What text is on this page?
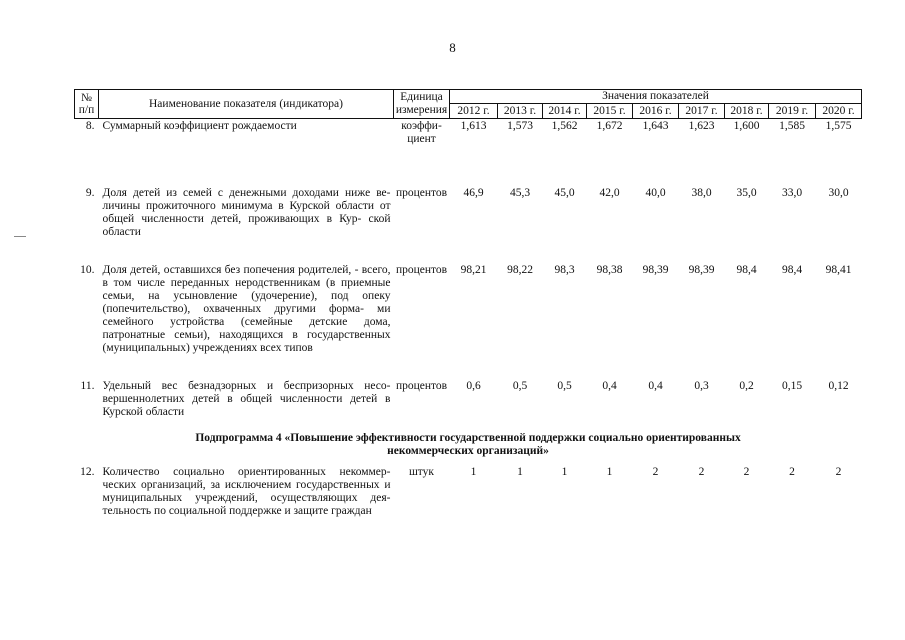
8
№ п/п	Наименование показателя (индикатора)	Единица измерения	Значения показателей								
			2012 г.	2013 г.	2014 г.	2015 г.	2016 г.	2017 г.	2018 г.	2019 г.	2020 г.
8.	Суммарный коэффициент рождаемости	коэффи- циент	1,613	1,573	1,562	1,672	1,643	1,623	1,600	1,585	1,575
9.	Доля детей из семей с денежными доходами ниже ве- личины прожиточного минимума в Курской области от общей численности детей, проживающих в Кур- ской области	процентов	46,9	45,3	45,0	42,0	40,0	38,0	35,0	33,0	30,0
10.	Доля детей, оставшихся без попечения родителей, - всего, в том числе переданных неродственникам (в приемные семьи, на усыновление (удочерение), под опеку (попечительство), охваченных другими форма- ми семейного устройства (семейные детские дома, патронатные семьи), находящихся в государственных (муниципальных) учреждениях всех типов	процентов	98,21	98,22	98,3	98,38	98,39	98,39	98,4	98,4	98,41
11.	Удельный вес безнадзорных и беспризорных несо- вершеннолетних детей в общей численности детей в Курской области	процентов	0,6	0,5	0,5	0,4	0,4	0,3	0,2	0,15	0,12
Подпрограмма 4 «Повышение эффективности государственной поддержки социально ориентированных некоммерческих организаций»											
12.	Количество социально ориентированных некоммер- ческих организаций, за исключением государственных и муниципальных учреждений, осуществляющих дея- тельность по социальной поддержке и защите граждан	штук	1	1	1	1	2	2	2	2	2
